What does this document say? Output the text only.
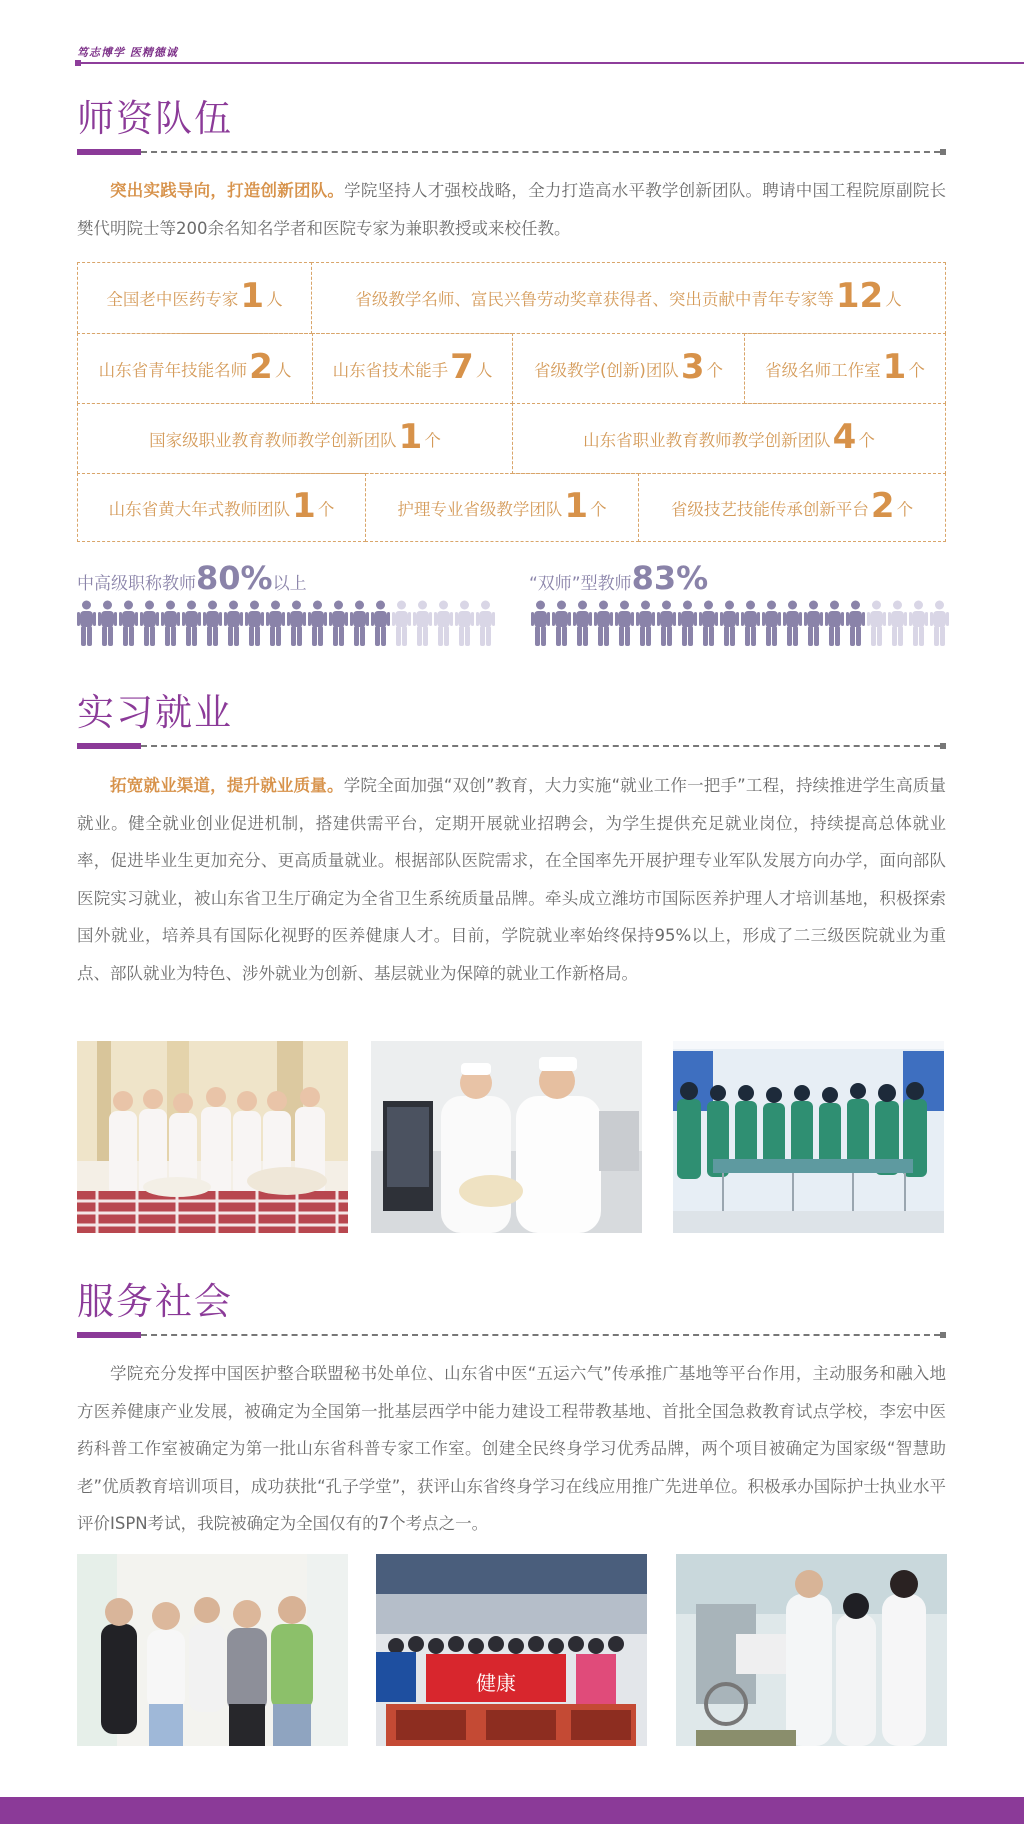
笃志博学 医精德诚
师资队伍
突出实践导向，打造创新团队。学院坚持人才强校战略，全力打造高水平教学创新团队。聘请中国工程院原副院长樊代明院士等200余名知名学者和医院专家为兼职教授或来校任教。
全国老中医药专家 1 人	省级教学名师、富民兴鲁劳动奖章获得者、突出贡献中青年专家等 12 人
山东省青年技能名师 2 人	山东省技术能手 7 人	省级教学(创新)团队 3 个	省级名师工作室 1 个
国家级职业教育教师教学创新团队 1 个	山东省职业教育教师教学创新团队 4 个
山东省黄大年式教师团队 1 个	护理专业省级教学团队 1 个	省级技艺技能传承创新平台 2 个
中高级职称教师80%以上	“双师”型教师83%
实习就业
拓宽就业渠道，提升就业质量。学院全面加强“双创”教育，大力实施“就业工作一把手”工程，持续推进学生高质量就业。健全就业创业促进机制，搭建供需平台，定期开展就业招聘会，为学生提供充足就业岗位，持续提高总体就业率，促进毕业生更加充分、更高质量就业。根据部队医院需求，在全国率先开展护理专业军队发展方向办学，面向部队医院实习就业，被山东省卫生厅确定为全省卫生系统质量品牌。牵头成立潍坊市国际医养护理人才培训基地，积极探索国外就业，培养具有国际化视野的医养健康人才。目前，学院就业率始终保持95%以上，形成了二三级医院就业为重点、部队就业为特色、涉外就业为创新、基层就业为保障的就业工作新格局。
服务社会
学院充分发挥中国医护整合联盟秘书处单位、山东省中医“五运六气”传承推广基地等平台作用，主动服务和融入地方医养健康产业发展，被确定为全国第一批基层西学中能力建设工程带教基地、首批全国急救教育试点学校，李宏中医药科普工作室被确定为第一批山东省科普专家工作室。创建全民终身学习优秀品牌，两个项目被确定为国家级“智慧助老”优质教育培训项目，成功获批“孔子学堂”，获评山东省终身学习在线应用推广先进单位。积极承办国际护士执业水平评价ISPN考试，我院被确定为全国仅有的7个考点之一。
健康
